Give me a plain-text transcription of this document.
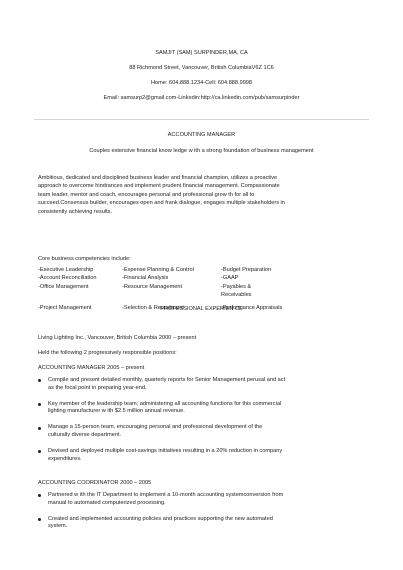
SAMJIT (SAM) SURPINDER,MA, CA
88 Richmond Street, Vancouver, British ColumbiaV6Z 1C6
Home: 604.888.1234-Cell: 604.888.9998
Email: samsurp2@gmail.com-Linkedin:http://ca.linkedin.com/pub/samsurpinder
ACCOUNTING MANAGER
Couples extensive financial know ledge w ith a strong foundation of business management
Ambitious, dedicated and disciplined business leader and financial champion, utilizes a proactive
approach to overcome hindrances and implement prudent financial management. Compassionate
team leader, mentor and coach, encourages personal and professional grow th for all to
succeed.Consensus builder, encourages open and frank dialogue, engages multiple stakeholders in
consistently achieving results.
Core business competencies include:
-Executive Leadership	-Expense Planning & Control	-Budget Preparation
-Account Reconciliation	-Financial Analysis	-GAAP
-Office Management	-Resource Management	-Payables &
Receivables
-Project Management	-Selection & Recruitment	-Performance Appraisals
PROFESSIONAL EXPERIEN CE
Living Lighting Inc., Vancouver, British Columbia 2000 – present
Held the following 2 progressively responsible positions:
ACCOUNTING MANAGER 2005 – present
Compile and present detailed monthly, quarterly reports for Senior Management perusal and act
as the focal point in preparing year-end.
Key member of the leadership team; administering all accounting functions for this commercial
lighting manufacturer w ith $2.5 million annual revenue.
Manage a 15-person team, encouraging personal and professional development of the
culturally diverse department.
Devised and deployed multiple cost-savings initiatives resulting in a 20% reduction in company
expenditures.
ACCOUNTING COORDINATOR 2000 – 2005
Partnered w ith the IT Department to implement a 10-month accounting systemconversion from
manual to automated computerized processing.
Created and implemented accounting policies and practices supporting the new automated
system.
